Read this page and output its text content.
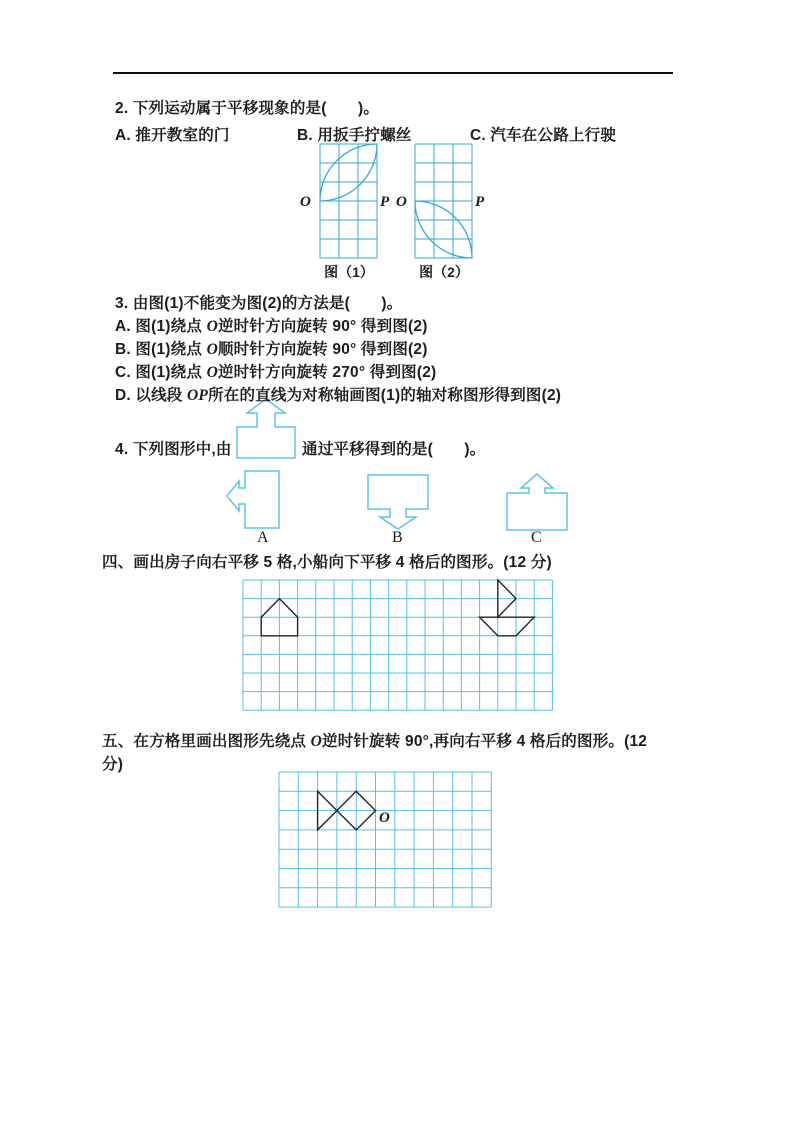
2. 下列运动属于平移现象的是(　　)。
A. 推开教室的门	B. 用扳手拧螺丝	C. 汽车在公路上行驶
O	P O	P
图（1）	图（2）
3. 由图(1)不能变为图(2)的方法是(　　)。
A. 图(1)绕点 O逆时针方向旋转 90° 得到图(2)
B. 图(1)绕点 O顺时针方向旋转 90° 得到图(2)
C. 图(1)绕点 O逆时针方向旋转 270° 得到图(2)
D. 以线段 OP所在的直线为对称轴画图(1)的轴对称图形得到图(2)
4. 下列图形中,由	通过平移得到的是(　　)。
A	B	C
四、画出房子向右平移 5 格,小船向下平移 4 格后的图形。(12 分)
五、在方格里画出图形先绕点 O逆时针旋转 90°,再向右平移 4 格后的图形。(12
分)
O
